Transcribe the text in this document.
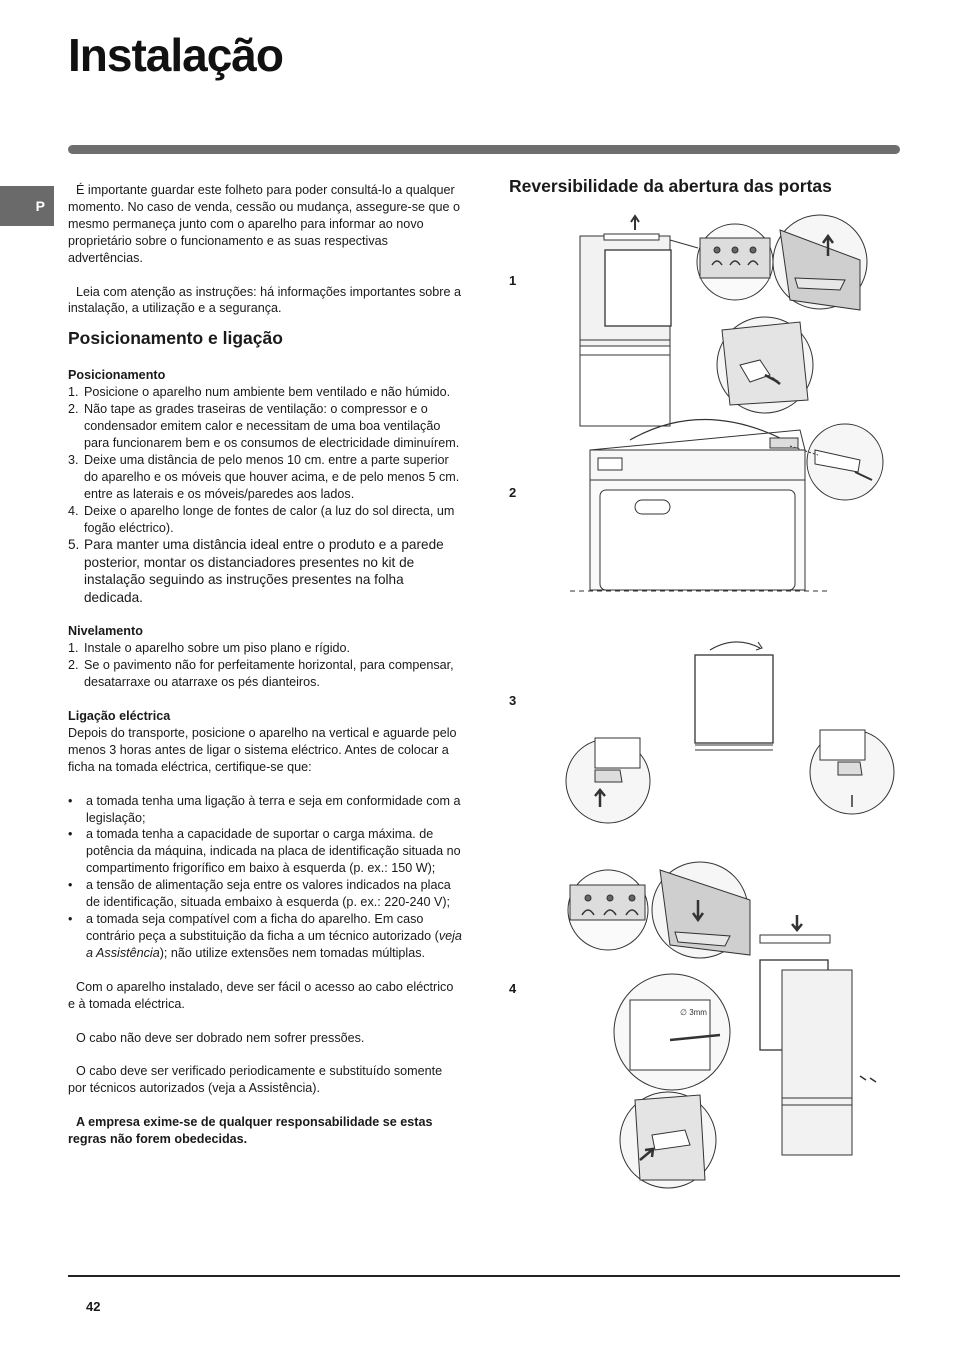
Instalação
P

É importante guardar este folheto para poder consultá-lo a qualquer momento. No caso de venda, cessão ou mudança, assegure-se que o mesmo permaneça junto com o aparelho para informar ao novo proprietário sobre o funcionamento e as suas respectivas advertências.

Leia com atenção as instruções: há informações importantes sobre a instalação, a utilização e a segurança.

Posicionamento e ligação

Posicionamento

1. Posicione o aparelho num ambiente bem ventilado e não húmido.
2. Não tape as grades traseiras de ventilação: o compressor e o condensador emitem calor e necessitam de uma boa ventilação para funcionarem bem e os consumos de electricidade diminuírem.
3. Deixe uma distância de pelo menos 10 cm. entre a parte superior do aparelho e os móveis que houver acima, e de pelo menos 5 cm. entre as laterais e os móveis/paredes aos lados.
4. Deixe o aparelho longe de fontes de calor (a luz do sol directa, um fogão eléctrico).
5. Para manter uma distância ideal entre o produto e a parede posterior, montar os distanciadores presentes no kit de instalação seguindo as instruções presentes na folha dedicada.

Nivelamento

1. Instale o aparelho sobre um piso plano e rígido.
2. Se o pavimento não for perfeitamente horizontal, para compensar, desatarraxe ou atarraxe os pés dianteiros.

Ligação eléctrica

Depois do transporte, posicione o aparelho na vertical e aguarde pelo menos 3 horas antes de ligar o sistema eléctrico. Antes de colocar a ficha na tomada eléctrica, certifique-se que:

• a tomada tenha uma ligação à terra e seja em conformidade com a legislação;
• a tomada tenha a capacidade de suportar o carga máxima. de potência da máquina, indicada na placa de identificação situada no compartimento frigorífico em baixo à esquerda (p. ex.: 150 W);
• a tensão de alimentação seja entre os valores indicados na placa de identificação, situada embaixo à esquerda (p. ex.: 220-240 V);
• a tomada seja compatível com a ficha do aparelho. Em caso contrário peça a substituição da ficha a um técnico autorizado (veja a Assistência); não utilize extensões nem tomadas múltiplas.

Com o aparelho instalado, deve ser fácil o acesso ao cabo eléctrico e à tomada eléctrica.

O cabo não deve ser dobrado nem sofrer pressões.

O cabo deve ser verificado periodicamente e substituído somente por técnicos autorizados (veja a Assistência).

A empresa exime-se de qualquer responsabilidade se estas regras não forem obedecidas.

Reversibilidade da abertura das portas
1
2
3
4
∅ 3mm
42
